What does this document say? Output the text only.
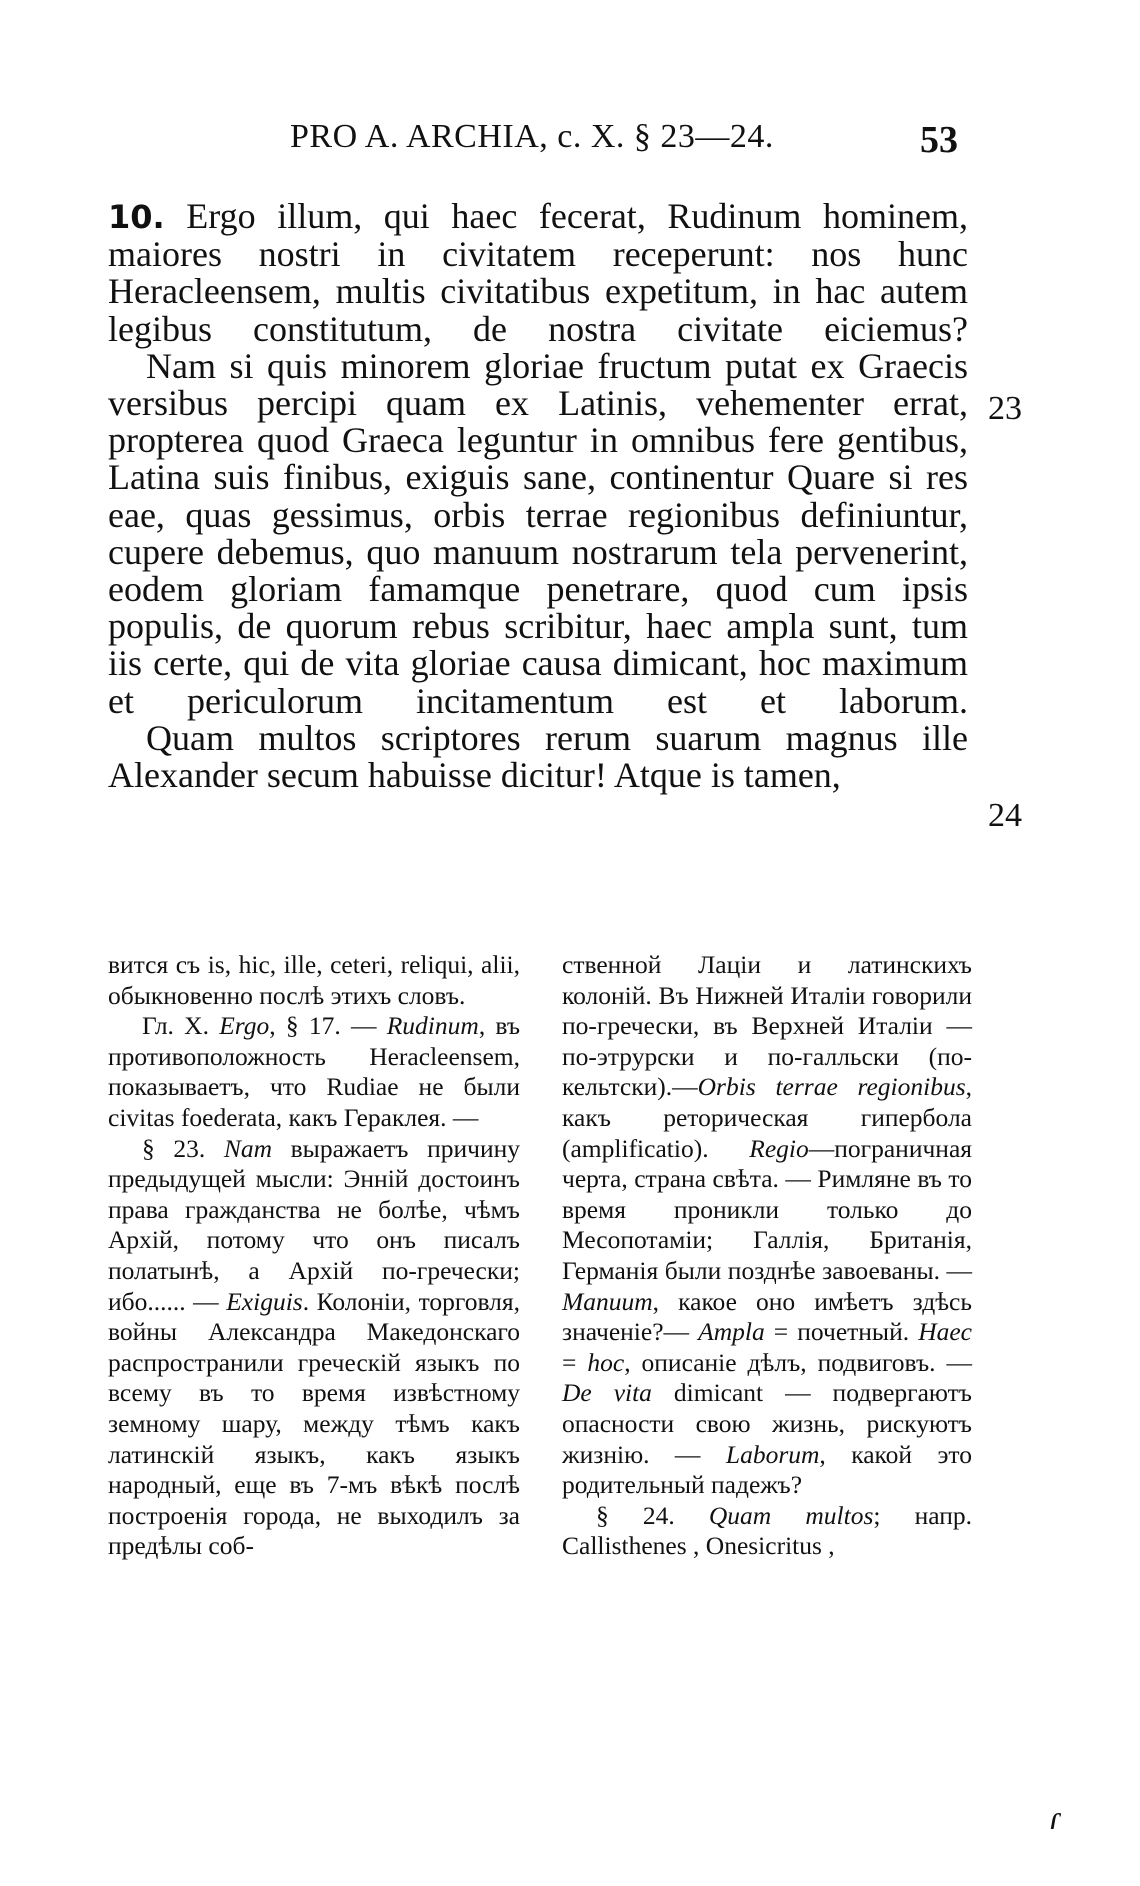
PRO A. ARCHIA, c. X. § 23—24.	53

10. Ergo illum, qui haec fecerat, Rudinum hominem, maiores nostri in civitatem receperunt: nos hunc Heracleensem, multis civitatibus expetitum, in hac autem legibus constitutum, de nostra civitate eiciemus?

Nam si quis minorem gloriae fructum putat ex Graecis versibus percipi quam ex Latinis, vehementer errat, propterea quod Graeca leguntur in omnibus fere gentibus, Latina suis finibus, exiguis sane, continentur Quare si res eae, quas gessimus, orbis terrae regionibus definiuntur, cupere debemus, quo manuum nostrarum tela pervenerint, eodem gloriam famamque penetrare, quod cum ipsis populis, de quorum rebus scribitur, haec ampla sunt, tum iis certe, qui de vita gloriae causa dimicant, hoc maximum et periculorum incitamentum est et laborum.

Quam multos scriptores rerum suarum magnus ille Alexander secum habuisse dicitur! Atque is tamen,

23
24

вится съ is, hic, ille, ceteri, reliqui, alii, обыкновенно послѣ этихъ словъ.

Гл. X. Ergo, § 17. — Rudinum, въ противоположность Heracleensem, показываетъ, что Rudiae не были civitas foederata, какъ Гераклея. —

§ 23. Nam выражаетъ причину предыдущей мысли: Энній достоинъ права гражданства не болѣе, чѣмъ Архій, потому что онъ писалъ полатынѣ, а Архій по-гречески; ибо...... — Exiguis. Колоніи, торговля, войны Александра Македонскаго распространили греческій языкъ по всему въ то время извѣстному земному шару, между тѣмъ какъ латинскій языкъ, какъ языкъ народный, еще въ 7-мъ вѣкѣ послѣ построенія города, не выходилъ за предѣлы соб-

ственной Лаціи и латинскихъ колоній. Въ Нижней Италіи говорили по-гречески, въ Верхней Италіи — по-этрурски и по-галльски (по-кельтски).—Orbis terrae regionibus, какъ реторическая гипербола (amplificatio). Regio—пограничная черта, страна свѣта. — Римляне въ то время проникли только до Месопотаміи; Галлія, Британія, Германія были позднѣе завоеваны. —Manuum, какое оно имѣетъ здѣсь значеніе?— Ampla = почетный. Haec = hoc, описаніе дѣлъ, подвиговъ. — De vita dimicant — подвергаютъ опасности свою жизнь, рискуютъ жизнію. — Laborum, какой это родительный падежъ?

§ 24. Quam multos; напр. Callisthenes , Onesicritus ,

ɾ
